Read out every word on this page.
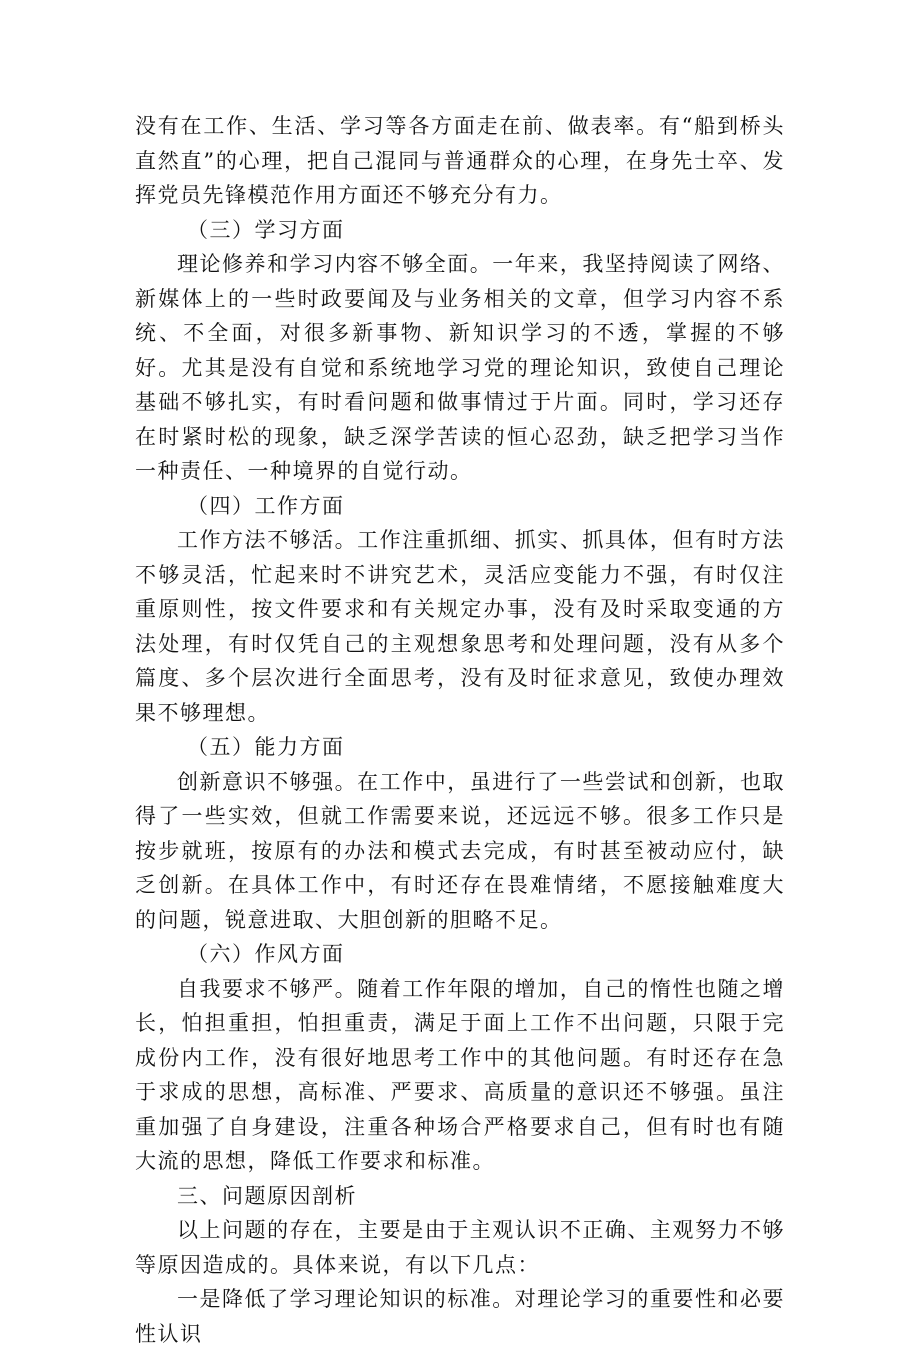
没有在工作、生活、学习等各方面走在前、做表率。有“船到桥头直然直”的心理，把自己混同与普通群众的心理，在身先士卒、发挥党员先锋模范作用方面还不够充分有力。

（三）学习方面

理论修养和学习内容不够全面。一年来，我坚持阅读了网络、新媒体上的一些时政要闻及与业务相关的文章，但学习内容不系统、不全面，对很多新事物、新知识学习的不透，掌握的不够好。尤其是没有自觉和系统地学习党的理论知识，致使自己理论基础不够扎实，有时看问题和做事情过于片面。同时，学习还存在时紧时松的现象，缺乏深学苦读的恒心忍劲，缺乏把学习当作一种责任、一种境界的自觉行动。

（四）工作方面

工作方法不够活。工作注重抓细、抓实、抓具体，但有时方法不够灵活，忙起来时不讲究艺术，灵活应变能力不强，有时仅注重原则性，按文件要求和有关规定办事，没有及时采取变通的方法处理，有时仅凭自己的主观想象思考和处理问题，没有从多个篇度、多个层次进行全面思考，没有及时征求意见，致使办理效果不够理想。

（五）能力方面

创新意识不够强。在工作中，虽进行了一些尝试和创新，也取得了一些实效，但就工作需要来说，还远远不够。很多工作只是按步就班，按原有的办法和模式去完成，有时甚至被动应付，缺乏创新。在具体工作中，有时还存在畏难情绪，不愿接触难度大的问题，锐意进取、大胆创新的胆略不足。

（六）作风方面

自我要求不够严。随着工作年限的增加，自己的惰性也随之增长，怕担重担，怕担重责，满足于面上工作不出问题，只限于完成份内工作，没有很好地思考工作中的其他问题。有时还存在急于求成的思想，高标准、严要求、高质量的意识还不够强。虽注重加强了自身建设，注重各种场合严格要求自己，但有时也有随大流的思想，降低工作要求和标准。

三、问题原因剖析

以上问题的存在，主要是由于主观认识不正确、主观努力不够等原因造成的。具体来说，有以下几点：

一是降低了学习理论知识的标准。对理论学习的重要性和必要性认识
